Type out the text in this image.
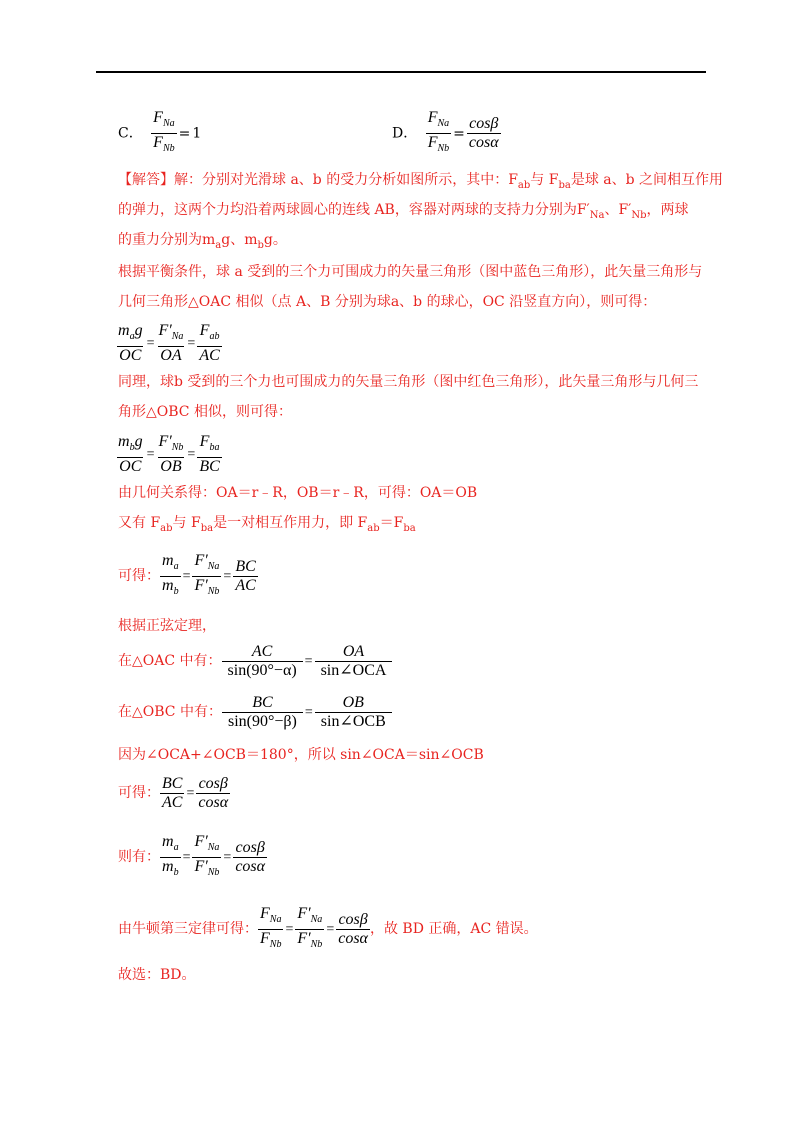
C． $\frac{F_{Na}}{F_{Nb}} = 1$	D． $\frac{F_{Na}}{F_{Nb}} = \frac{\cos\beta}{\cos\alpha}$
【解答】解：分别对光滑球 a、b 的受力分析如图所示，其中：$F_{ab}$与 $F_{ba}$是球 a、b 之间相互作用
的弹力，这两个力均沿着两球圆心的连线 AB，容器对两球的支持力分别为$F'_{Na}$、$F'_{Nb}$，两球
的重力分别为$m_ag$、$m_bg$。
根据平衡条件，球 a 受到的三个力可围成力的矢量三角形（图中蓝色三角形），此矢量三角形与
几何三角形△OAC 相似（点 A、B 分别为球a、b 的球心，OC 沿竖直方向），则可得：
$\frac{m_ag}{OC} = \frac{F'_{Na}}{OA} = \frac{F_{ab}}{AC}$
同理，球b 受到的三个力也可围成力的矢量三角形（图中红色三角形），此矢量三角形与几何三
角形△OBC 相似，则可得：
$\frac{m_bg}{OC} = \frac{F'_{Nb}}{OB} = \frac{F_{ba}}{BC}$
由几何关系得：OA＝r﹣R，OB＝r﹣R，可得：OA＝OB
又有 $F_{ab}$与 $F_{ba}$是一对相互作用力，即 $F_{ab}=F_{ba}$
可得： $\frac{m_a}{m_b} = \frac{F'_{Na}}{F'_{Nb}} = \frac{BC}{AC}$
根据正弦定理，
在△OAC 中有： $\frac{AC}{\sin(90^\circ-\alpha)} = \frac{OA}{\text{sin∠OCA}}$
在△OBC 中有： $\frac{BC}{\sin(90^\circ-\beta)} = \frac{OB}{\text{sin∠OCB}}$
因为∠OCA+∠OCB＝180°，所以 sin∠OCA＝sin∠OCB
可得： $\frac{BC}{AC} = \frac{\cos\beta}{\cos\alpha}$
则有： $\frac{m_a}{m_b} = \frac{F'_{Na}}{F'_{Nb}} = \frac{\cos\beta}{\cos\alpha}$
由牛顿第三定律可得： $\frac{F_{Na}}{F_{Nb}} = \frac{F'_{Na}}{F'_{Nb}} = \frac{\cos\beta}{\cos\alpha}$ ，故 BD 正确，AC 错误。
故选：BD。
